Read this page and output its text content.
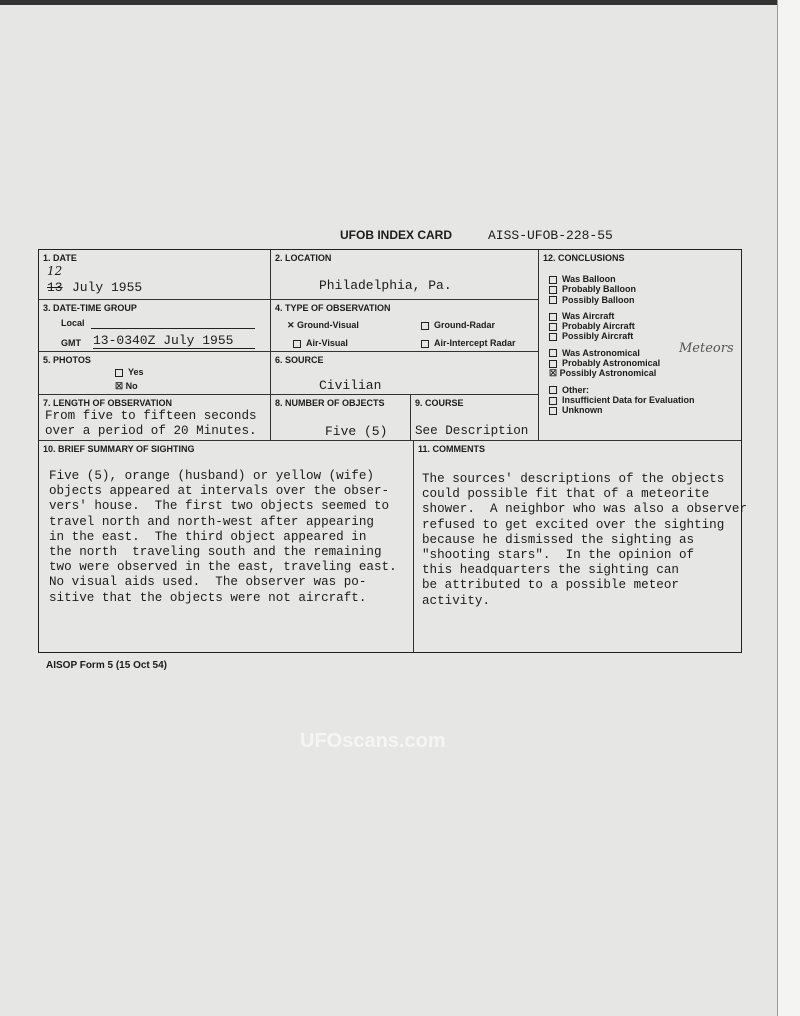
UFOB INDEX CARD	AISS-UFOB-228-55
1. DATE
12
13 July 1955
2. LOCATION
Philadelphia, Pa.
4. TYPE OF OBSERVATION
✕ Ground-Visual	Ground-Radar
Air-Visual	Air-Intercept Radar
3. DATE-TIME GROUP
Local
GMT 13-0340Z July 1955
5. PHOTOS
Yes
☒ No
6. SOURCE
Civilian
7. LENGTH OF OBSERVATION
From five to fifteen seconds
over a period of 20 Minutes.
8. NUMBER OF OBJECTS
Five (5)
9. COURSE
See Description
12. CONCLUSIONS
Was Balloon
Probably Balloon
Possibly Balloon
Was Aircraft
Probably Aircraft
Possibly Aircraft
Was Astronomical
Probably Astronomical
☒ Possibly Astronomical
Other:
Insufficient Data for Evaluation
Unknown
Meteors
10. BRIEF SUMMARY OF SIGHTING
Five (5), orange (husband) or yellow (wife)
objects appeared at intervals over the obser-
vers' house.  The first two objects seemed to
travel north and north-west after appearing
in the east.  The third object appeared in
the north  traveling south and the remaining
two were observed in the east, traveling east.
No visual aids used.  The observer was po-
sitive that the objects were not aircraft.
11. COMMENTS
The sources' descriptions of the objects
could possible fit that of a meteorite
shower.  A neighbor who was also a observer
refused to get excited over the sighting
because he dismissed the sighting as
"shooting stars".  In the opinion of
this headquarters the sighting can
be attributed to a possible meteor
activity.
AISOP Form 5 (15 Oct 54)
UFOscans.com
